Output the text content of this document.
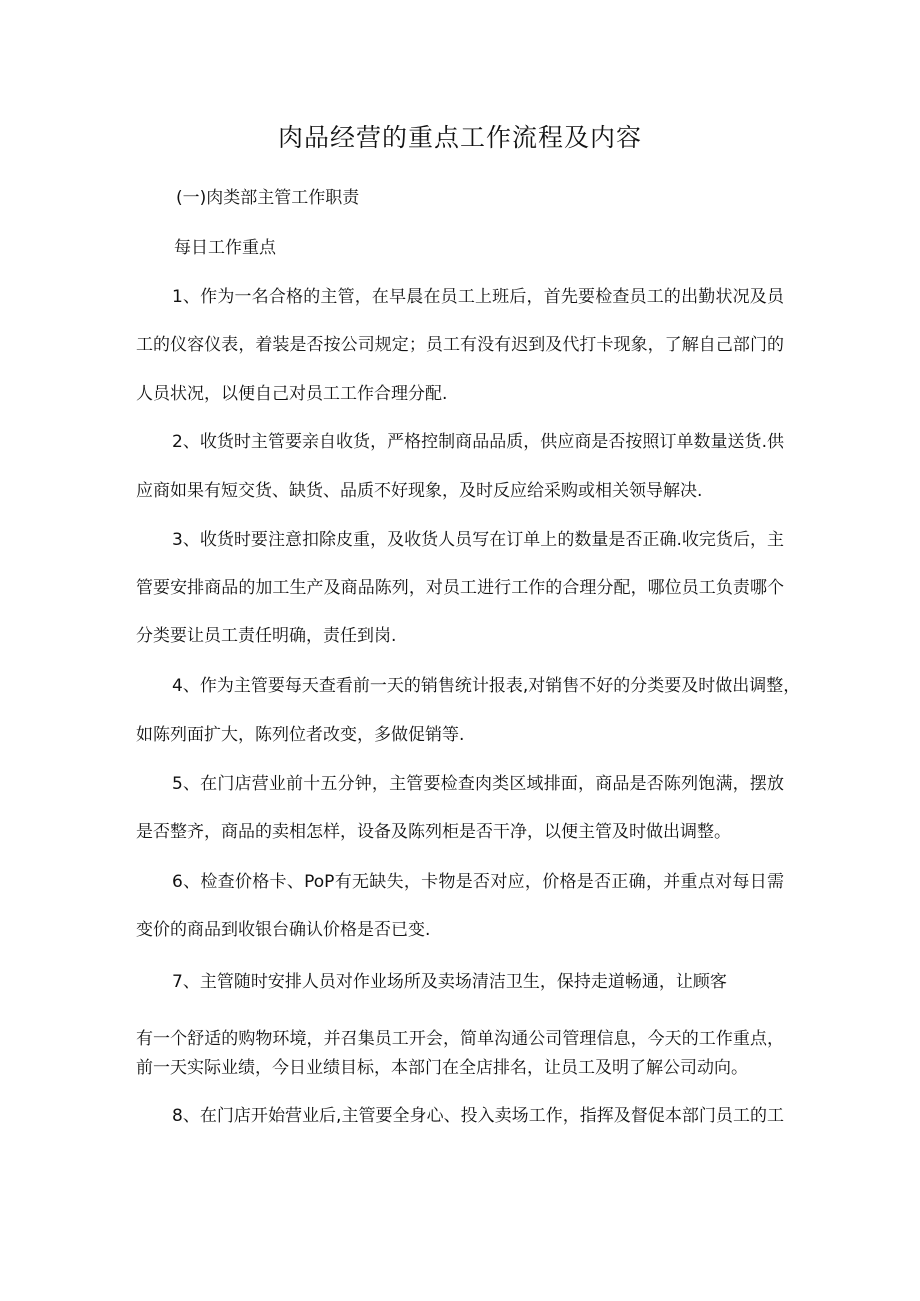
肉品经营的重点工作流程及内容
(一)肉类部主管工作职责
每日工作重点
1、作为一名合格的主管，在早晨在员工上班后，首先要检查员工的出勤状况及员
工的仪容仪表，着装是否按公司规定；员工有没有迟到及代打卡现象，了解自己部门的
人员状况，以便自己对员工工作合理分配.
2、收货时主管要亲自收货，严格控制商品品质，供应商是否按照订单数量送货.供
应商如果有短交货、缺货、品质不好现象，及时反应给采购或相关领导解决.
3、收货时要注意扣除皮重，及收货人员写在订单上的数量是否正确.收完货后，主
管要安排商品的加工生产及商品陈列，对员工进行工作的合理分配，哪位员工负责哪个
分类要让员工责任明确，责任到岗.
4、作为主管要每天查看前一天的销售统计报表,对销售不好的分类要及时做出调整，
如陈列面扩大，陈列位者改变，多做促销等.
5、在门店营业前十五分钟，主管要检查肉类区域排面，商品是否陈列饱满，摆放
是否整齐，商品的卖相怎样，设备及陈列柜是否干净，以便主管及时做出调整。
6、检查价格卡、PoP有无缺失，卡物是否对应，价格是否正确，并重点对每日需
变价的商品到收银台确认价格是否已变.
7、主管随时安排人员对作业场所及卖场清洁卫生，保持走道畅通，让顾客
有一个舒适的购物环境，并召集员工开会，简单沟通公司管理信息，今天的工作重点，
前一天实际业绩，今日业绩目标，本部门在全店排名，让员工及明了解公司动向。
8、在门店开始营业后,主管要全身心、投入卖场工作，指挥及督促本部门员工的工
